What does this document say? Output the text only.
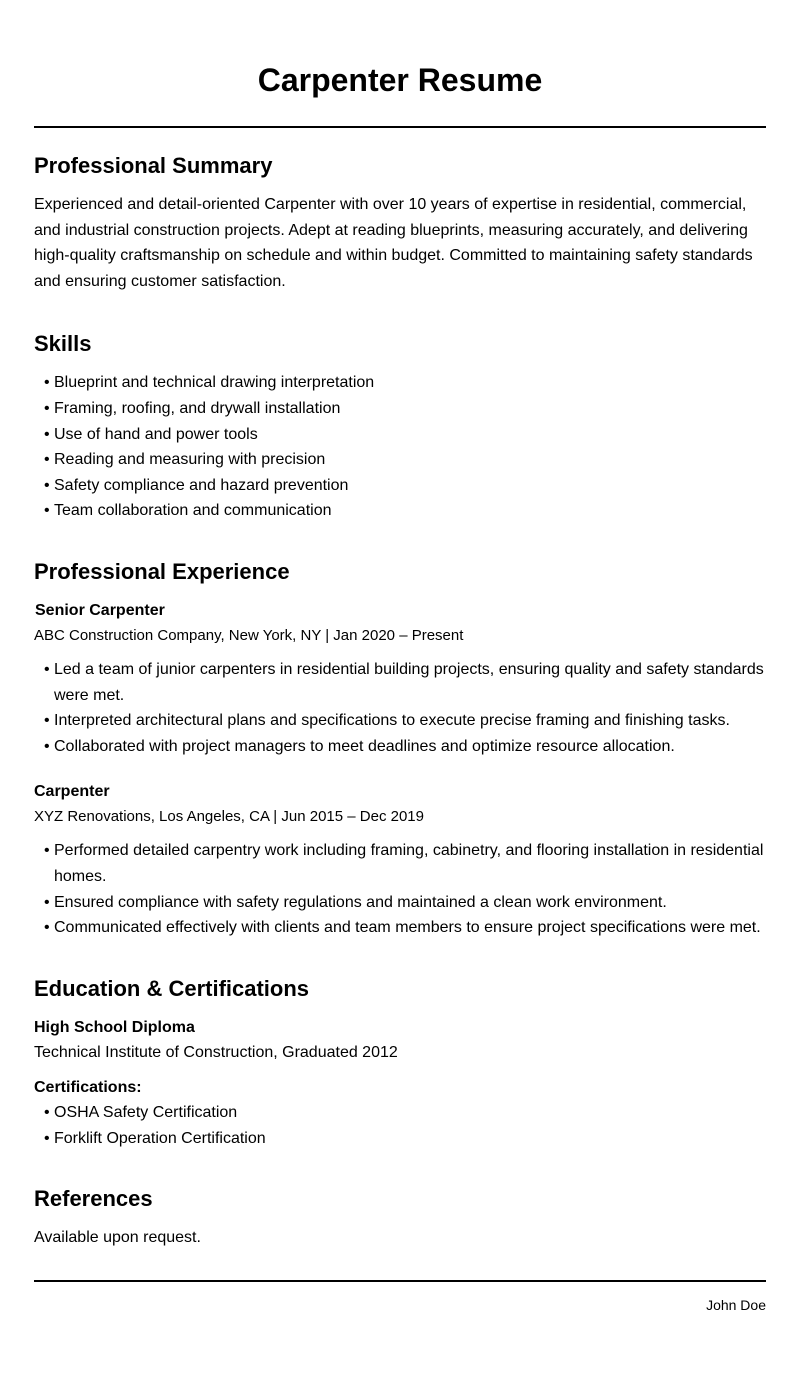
Carpenter Resume
Professional Summary

Experienced and detail-oriented Carpenter with over 10 years of expertise in residential, commercial, and industrial construction projects. Adept at reading blueprints, measuring accurately, and delivering high-quality craftsmanship on schedule and within budget. Committed to maintaining safety standards and ensuring customer satisfaction.

Skills
• Blueprint and technical drawing interpretation
• Framing, roofing, and drywall installation
• Use of hand and power tools
• Reading and measuring with precision
• Safety compliance and hazard prevention
• Team collaboration and communication
Professional Experience
Senior Carpenter
ABC Construction Company, New York, NY | Jan 2020 – Present
• Led a team of junior carpenters in residential building projects, ensuring quality and safety standards were met.
• Interpreted architectural plans and specifications to execute precise framing and finishing tasks.
• Collaborated with project managers to meet deadlines and optimize resource allocation.
Carpenter
XYZ Renovations, Los Angeles, CA | Jun 2015 – Dec 2019
• Performed detailed carpentry work including framing, cabinetry, and flooring installation in residential homes.
• Ensured compliance with safety regulations and maintained a clean work environment.
• Communicated effectively with clients and team members to ensure project specifications were met.
Education & Certifications
High School Diploma

Technical Institute of Construction, Graduated 2012

Certifications:
• OSHA Safety Certification
• Forklift Operation Certification
References

Available upon request.

John Doe
